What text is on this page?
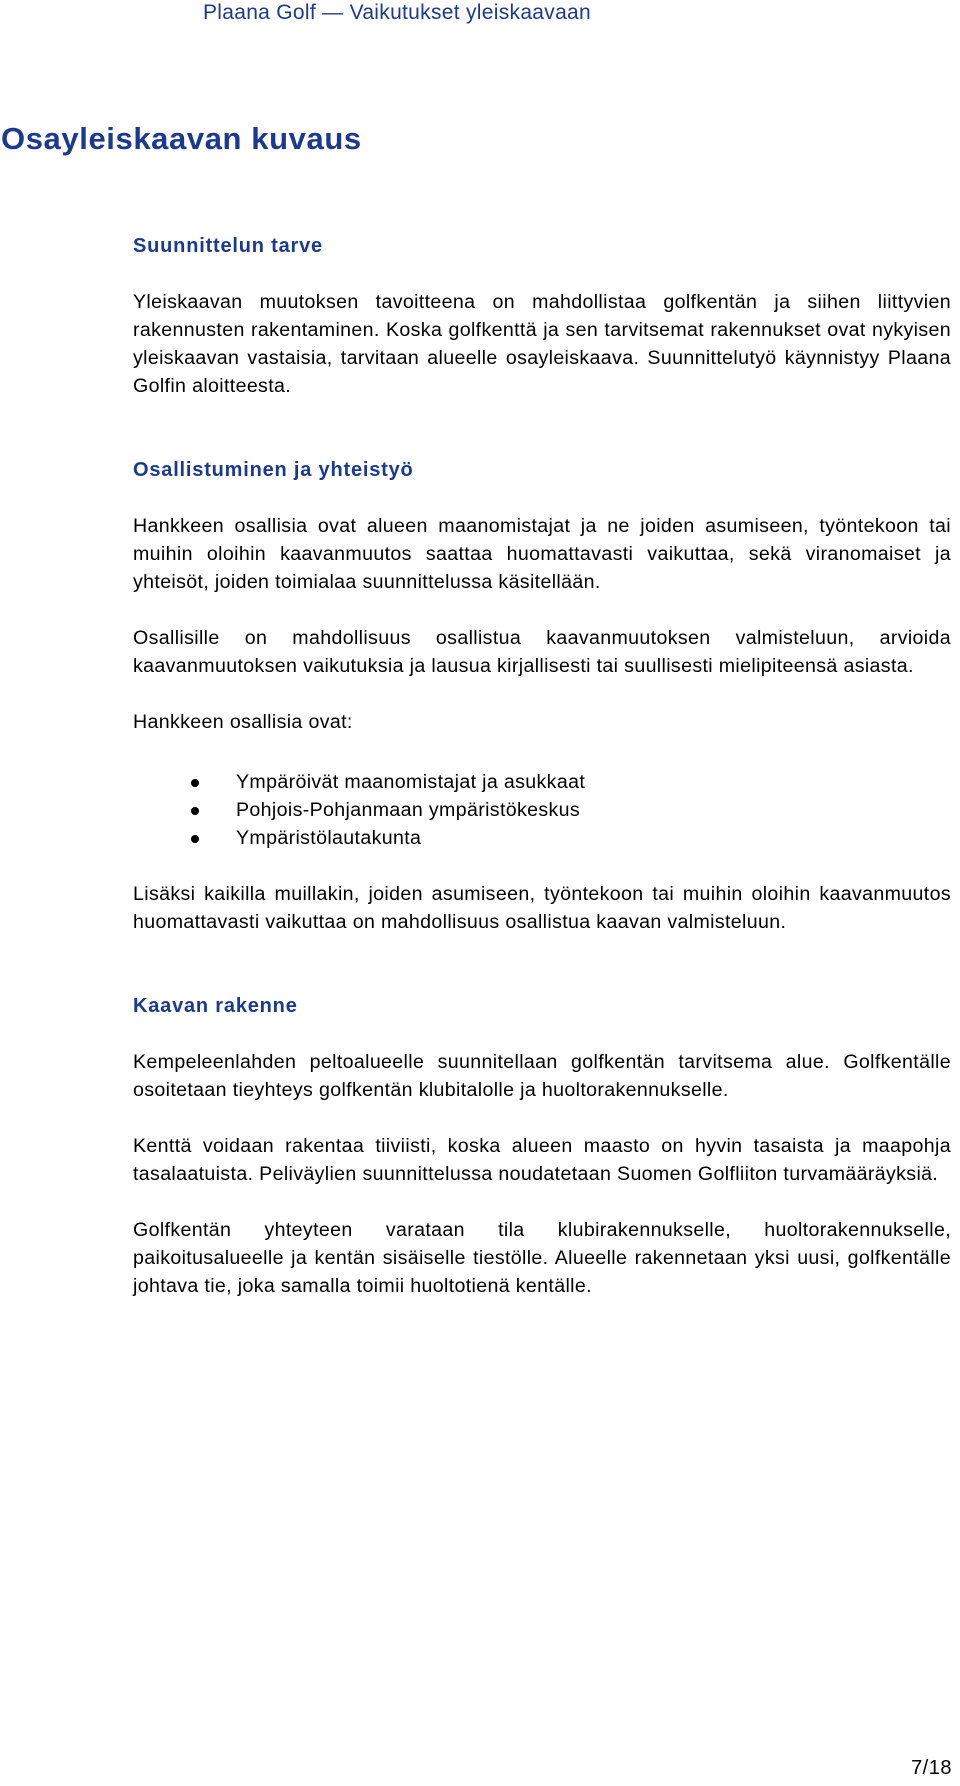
Plaana Golf — Vaikutukset yleiskaavaan
Osayleiskaavan kuvaus
Suunnittelun tarve

Yleiskaavan muutoksen tavoitteena on mahdollistaa golfkentän ja siihen liittyvien rakennusten rakentaminen. Koska golfkenttä ja sen tarvitsemat rakennukset ovat nykyisen yleiskaavan vastaisia, tarvitaan alueelle osayleiskaava. Suunnittelutyö käynnistyy Plaana Golfin aloitteesta.

Osallistuminen ja yhteistyö

Hankkeen osallisia ovat alueen maanomistajat ja ne joiden asumiseen, työntekoon tai muihin oloihin kaavanmuutos saattaa huomattavasti vaikuttaa, sekä viranomaiset ja yhteisöt, joiden toimialaa suunnittelussa käsitellään.

Osallisille on mahdollisuus osallistua kaavanmuutoksen valmisteluun, arvioida kaavanmuutoksen vaikutuksia ja lausua kirjallisesti tai suullisesti mielipiteensä asiasta.

Hankkeen osallisia ovat:

Ympäröivät maanomistajat ja asukkaat
Pohjois-Pohjanmaan ympäristökeskus
Ympäristölautakunta

Lisäksi kaikilla muillakin, joiden asumiseen, työntekoon tai muihin oloihin kaavanmuutos huomattavasti vaikuttaa on mahdollisuus osallistua kaavan valmisteluun.

Kaavan rakenne

Kempeleenlahden peltoalueelle suunnitellaan golfkentän tarvitsema alue. Golfkentälle osoitetaan tieyhteys golfkentän klubitalolle ja huoltorakennukselle.

Kenttä voidaan rakentaa tiiviisti, koska alueen maasto on hyvin tasaista ja maapohja tasalaatuista. Peliväylien suunnittelussa noudatetaan Suomen Golfliiton turvamääräyksiä.

Golfkentän yhteyteen varataan tila klubirakennukselle, huoltorakennukselle, paikoitusalueelle ja kentän sisäiselle tiestölle. Alueelle rakennetaan yksi uusi, golfkentälle johtava tie, joka samalla toimii huoltotienä kentälle.

7/18
